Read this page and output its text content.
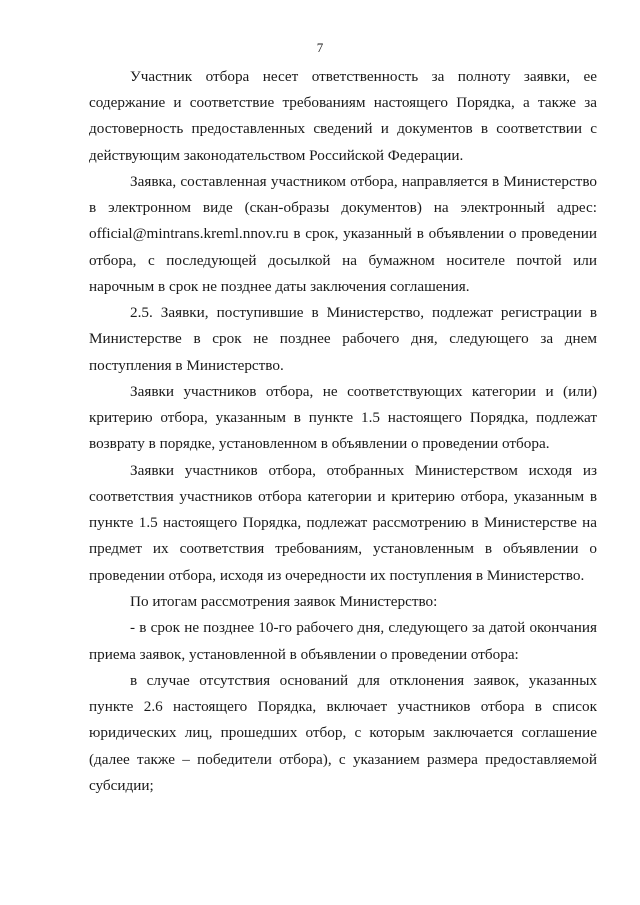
7

Участник отбора несет ответственность за полноту заявки, ее содержание и соответствие требованиям настоящего Порядка, а также за достоверность предоставленных сведений и документов в соответствии с действующим законодательством Российской Федерации.

Заявка, составленная участником отбора, направляется в Министерство в электронном виде (скан-образы документов) на электронный адрес: official@mintrans.kreml.nnov.ru в срок, указанный в объявлении о проведении отбора, с последующей досылкой на бумажном носителе почтой или нарочным в срок не позднее даты заключения соглашения.

2.5. Заявки, поступившие в Министерство, подлежат регистрации в Министерстве в срок не позднее рабочего дня, следующего за днем поступления в Министерство.

Заявки участников отбора, не соответствующих категории и (или) критерию отбора, указанным в пункте 1.5 настоящего Порядка, подлежат возврату в порядке, установленном в объявлении о проведении отбора.

Заявки участников отбора, отобранных Министерством исходя из соответствия участников отбора категории и критерию отбора, указанным в пункте 1.5 настоящего Порядка, подлежат рассмотрению в Министерстве на предмет их соответствия требованиям, установленным в объявлении о проведении отбора, исходя из очередности их поступления в Министерство.

По итогам рассмотрения заявок Министерство:

- в срок не позднее 10-го рабочего дня, следующего за датой окончания приема заявок, установленной в объявлении о проведении отбора:

в случае отсутствия оснований для отклонения заявок, указанных пункте 2.6 настоящего Порядка, включает участников отбора в список юридических лиц, прошедших отбор, с которым заключается соглашение (далее также – победители отбора), с указанием размера предоставляемой субсидии;
